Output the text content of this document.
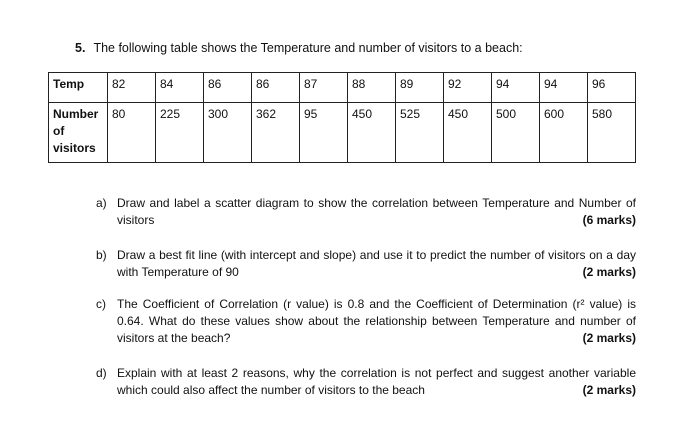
5. The following table shows the Temperature and number of visitors to a beach:
Temp	82	84	86	86	87	88	89	92	94	94	96
Number
of
visitors	80	225	300	362	95	450	525	450	500	600	580
a) Draw and label a scatter diagram to show the correlation between Temperature and Number of visitors	(6 marks)
b) Draw a best fit line (with intercept and slope) and use it to predict the number of visitors on a day with Temperature of 90	(2 marks)
c) The Coefficient of Correlation (r value) is 0.8 and the Coefficient of Determination (r² value) is 0.64. What do these values show about the relationship between Temperature and number of visitors at the beach?	(2 marks)
d) Explain with at least 2 reasons, why the correlation is not perfect and suggest another variable which could also affect the number of visitors to the beach	(2 marks)
